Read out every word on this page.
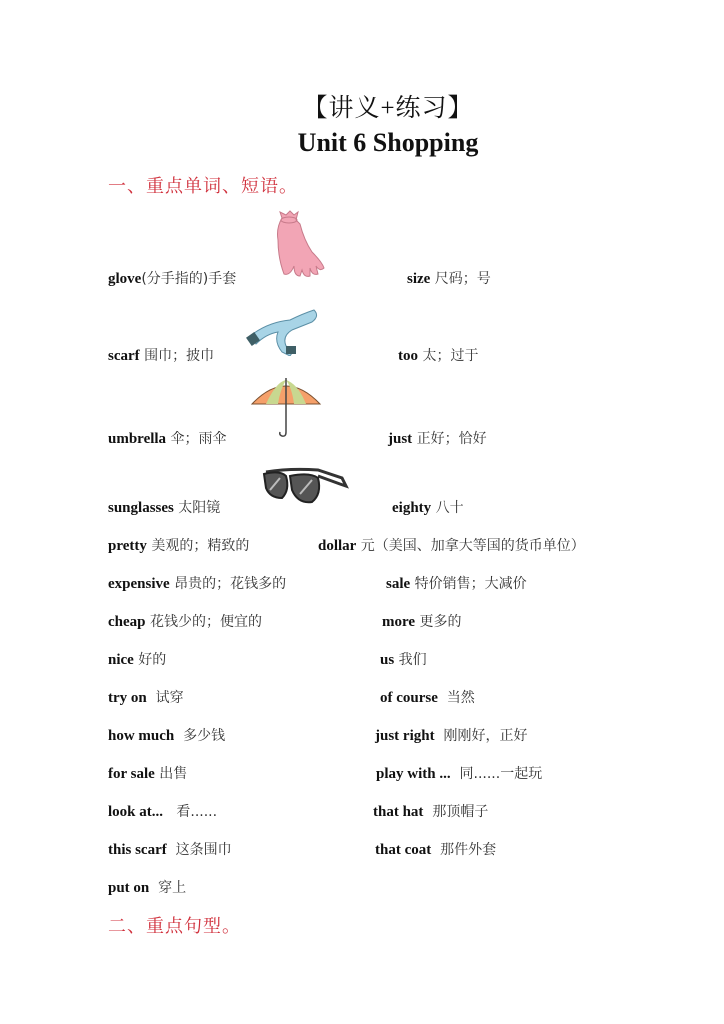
【讲义+练习】
Unit 6 Shopping
一、重点单词、短语。
glove(分手指的)手套
scarf 围巾；披巾
umbrella 伞；雨伞
sunglasses 太阳镜
pretty 美观的；精致的
expensive 昂贵的；花钱多的
cheap 花钱少的；便宜的
nice 好的
try on  试穿
how much  多少钱
for sale 出售
look at...   看......
this scarf  这条围巾
put on  穿上
size 尺码；号
too 太；过于
just 正好；恰好
eighty 八十
dollar 元（美国、加拿大等国的货币单位）
sale 特价销售；大减价
more 更多的
us 我们
of course  当然
just right  刚刚好，正好
play with ...  同......一起玩
that hat  那顶帽子
that coat  那件外套
二、重点句型。
